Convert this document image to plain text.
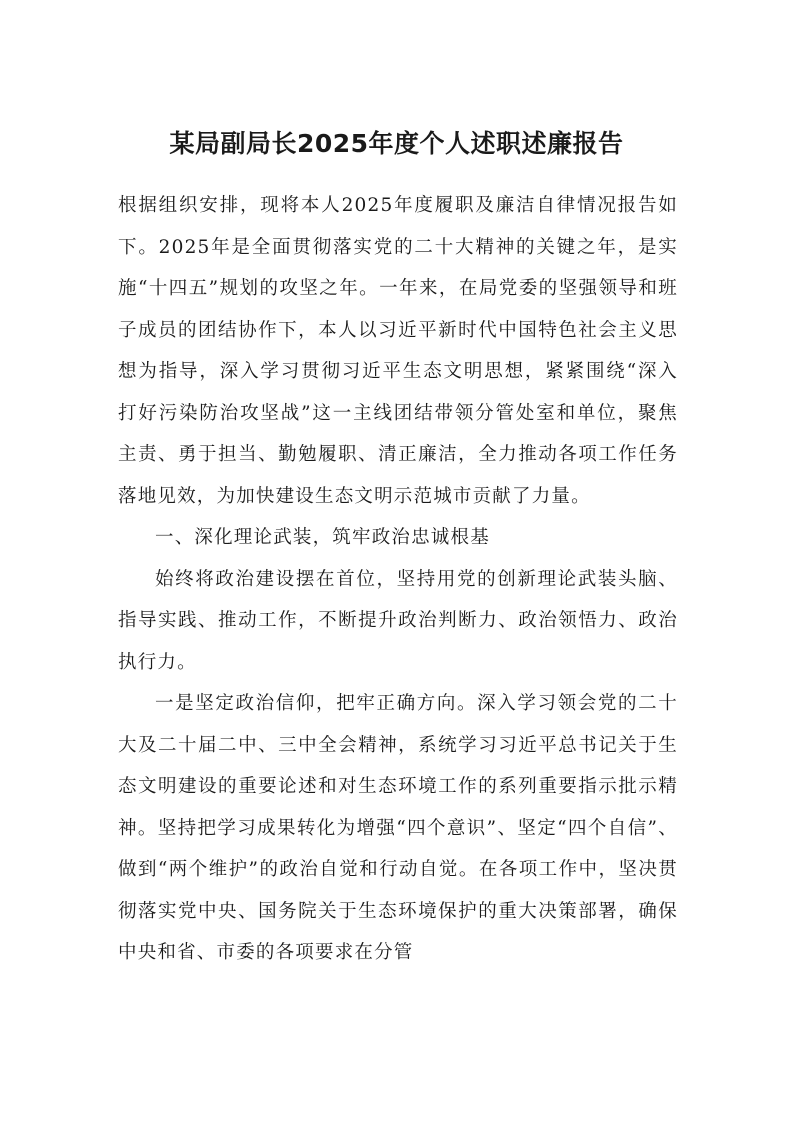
某局副局长2025年度个人述职述廉报告

根据组织安排，现将本人2025年度履职及廉洁自律情况报告如下。2025年是全面贯彻落实党的二十大精神的关键之年，是实施“十四五”规划的攻坚之年。一年来，在局党委的坚强领导和班子成员的团结协作下，本人以习近平新时代中国特色社会主义思想为指导，深入学习贯彻习近平生态文明思想，紧紧围绕“深入打好污染防治攻坚战”这一主线团结带领分管处室和单位，聚焦主责、勇于担当、勤勉履职、清正廉洁，全力推动各项工作任务落地见效，为加快建设生态文明示范城市贡献了力量。

一、深化理论武装，筑牢政治忠诚根基

始终将政治建设摆在首位，坚持用党的创新理论武装头脑、指导实践、推动工作，不断提升政治判断力、政治领悟力、政治执行力。

一是坚定政治信仰，把牢正确方向。深入学习领会党的二十大及二十届二中、三中全会精神，系统学习习近平总书记关于生态文明建设的重要论述和对生态环境工作的系列重要指示批示精神。坚持把学习成果转化为增强“四个意识”、坚定“四个自信”、做到“两个维护”的政治自觉和行动自觉。在各项工作中，坚决贯彻落实党中央、国务院关于生态环境保护的重大决策部署，确保中央和省、市委的各项要求在分管
